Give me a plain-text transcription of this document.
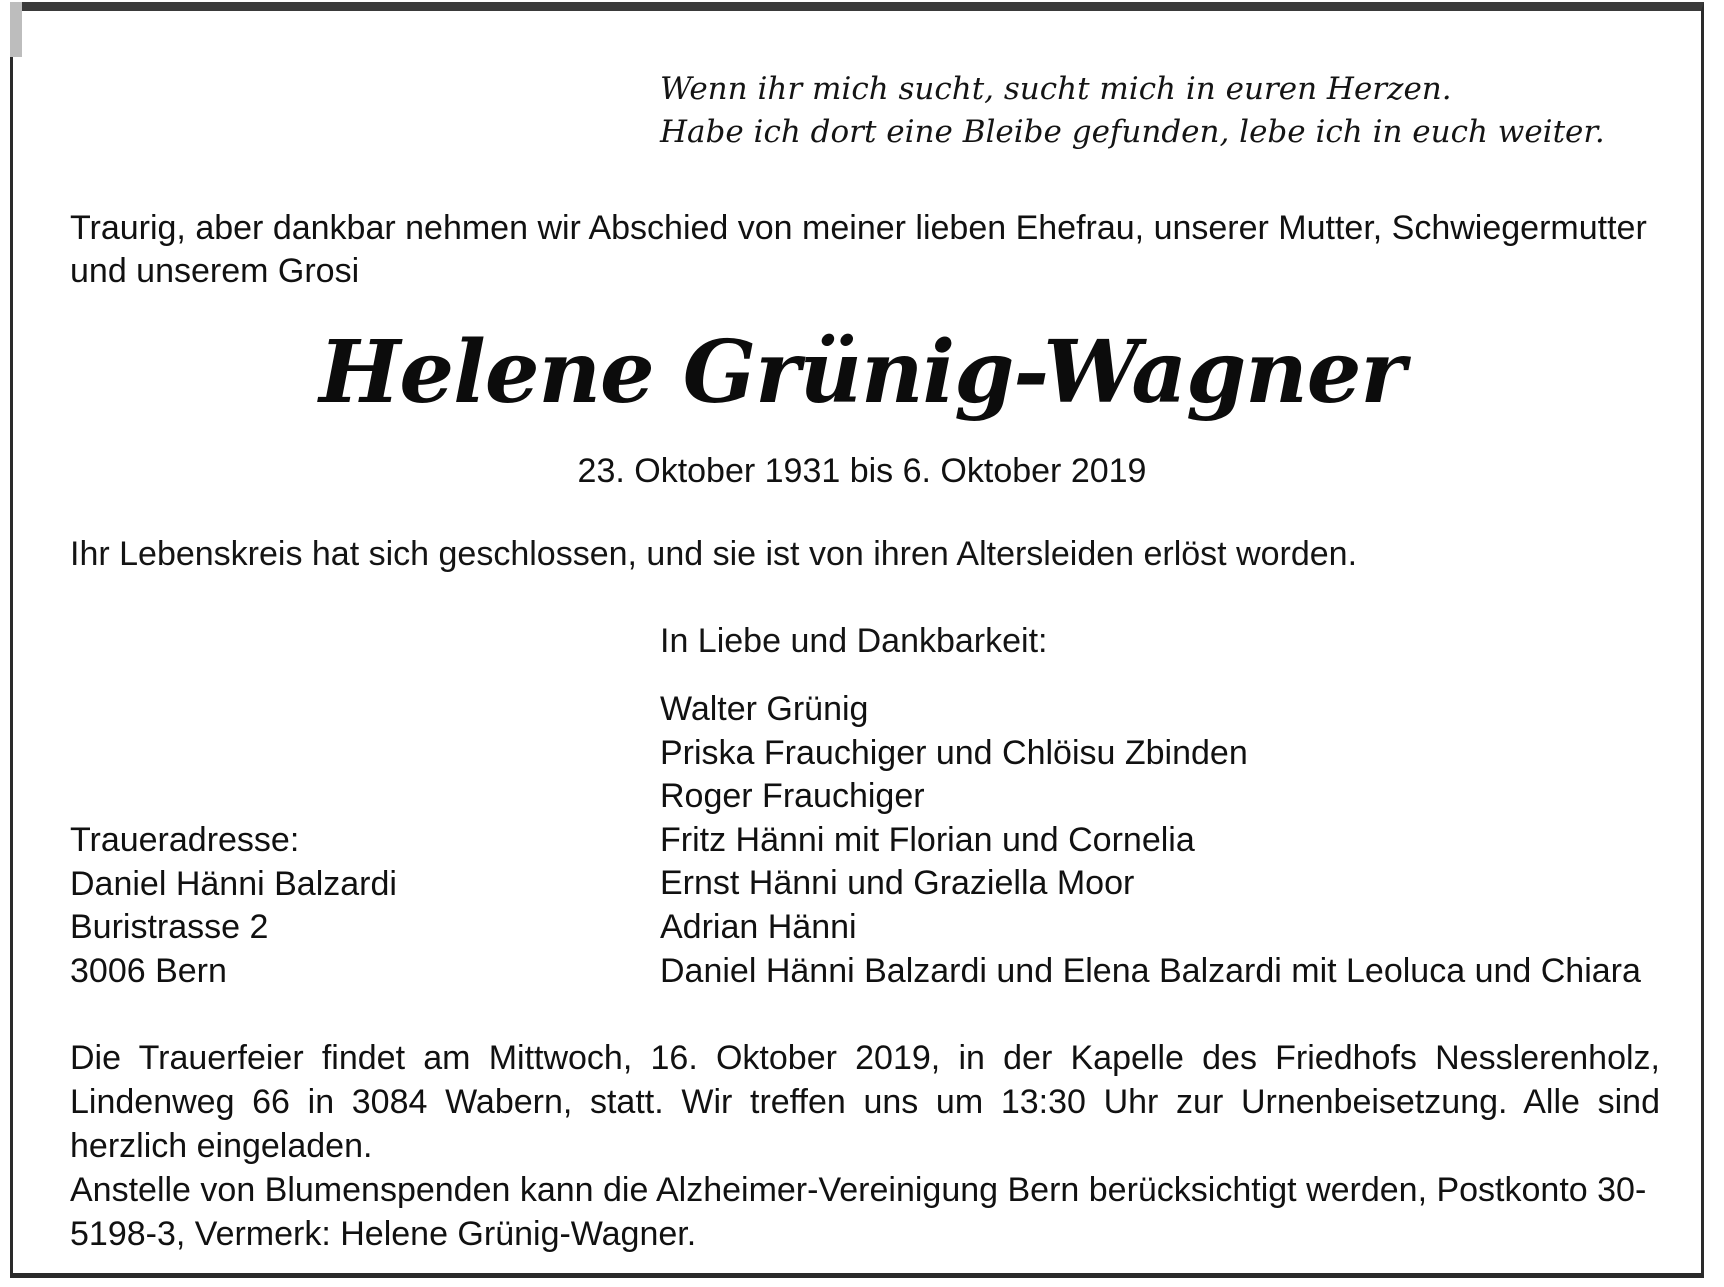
Wenn ihr mich sucht, sucht mich in euren Herzen.
Habe ich dort eine Bleibe gefunden, lebe ich in euch weiter.
Traurig, aber dankbar nehmen wir Abschied von meiner lieben Ehefrau, unserer Mutter, Schwiegermutter und unserem Grosi
Helene Grünig-Wagner
23. Oktober 1931 bis 6. Oktober 2019
Ihr Lebenskreis hat sich geschlossen, und sie ist von ihren Altersleiden erlöst worden.
In Liebe und Dankbarkeit:
Walter Grünig
Priska Frauchiger und Chlöisu Zbinden
Roger Frauchiger
Fritz Hänni mit Florian und Cornelia
Ernst Hänni und Graziella Moor
Adrian Hänni
Daniel Hänni Balzardi und Elena Balzardi mit Leoluca und Chiara
Traueradresse:
Daniel Hänni Balzardi
Buristrasse 2
3006 Bern
Die Trauerfeier findet am Mittwoch, 16. Oktober 2019, in der Kapelle des Friedhofs Nesslerenholz, Lindenweg 66 in 3084 Wabern, statt. Wir treffen uns um 13:30 Uhr zur Urnenbeisetzung. Alle sind herzlich eingeladen.
Anstelle von Blumenspenden kann die Alzheimer-Vereinigung Bern berücksichtigt werden, Postkonto 30-5198-3, Vermerk: Helene Grünig-Wagner.
